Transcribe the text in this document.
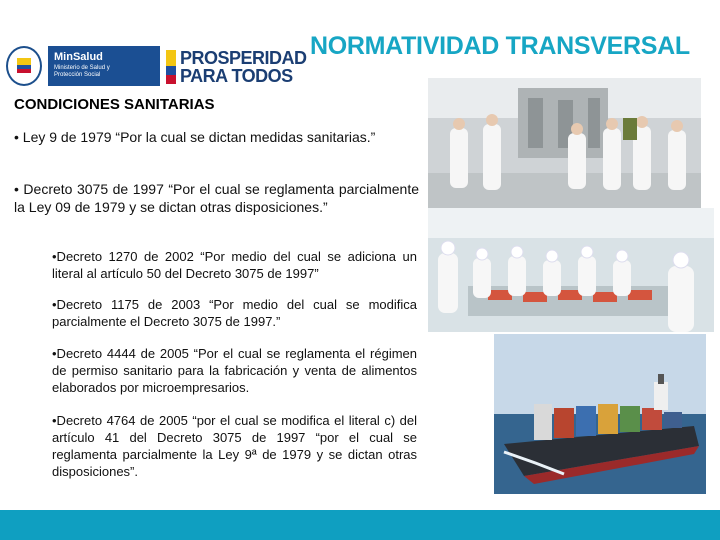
MinSalud
Ministerio de Salud y Protección Social
PROSPERIDAD
PARA TODOS
NORMATIVIDAD TRANSVERSAL
CONDICIONES SANITARIAS
• Ley 9 de 1979 “Por la cual se dictan medidas sanitarias.”
• Decreto 3075 de 1997 “Por el cual se reglamenta parcialmente la Ley 09 de 1979 y se dictan otras disposiciones.”
•Decreto 1270 de 2002 “Por medio del cual se adiciona un literal al artículo 50 del Decreto 3075 de 1997”
•Decreto 1175 de 2003 “Por medio del cual se modifica parcialmente el Decreto 3075 de 1997.”
•Decreto 4444 de 2005 “Por el cual se reglamenta el régimen de permiso sanitario para la fabricación y venta de alimentos elaborados por microempresarios.
•Decreto 4764 de 2005 “por el cual se modifica el literal c) del artículo 41 del Decreto 3075 de 1997 “por el cual se reglamenta parcialmente la Ley 9ª de 1979 y se dictan otras disposiciones”.
